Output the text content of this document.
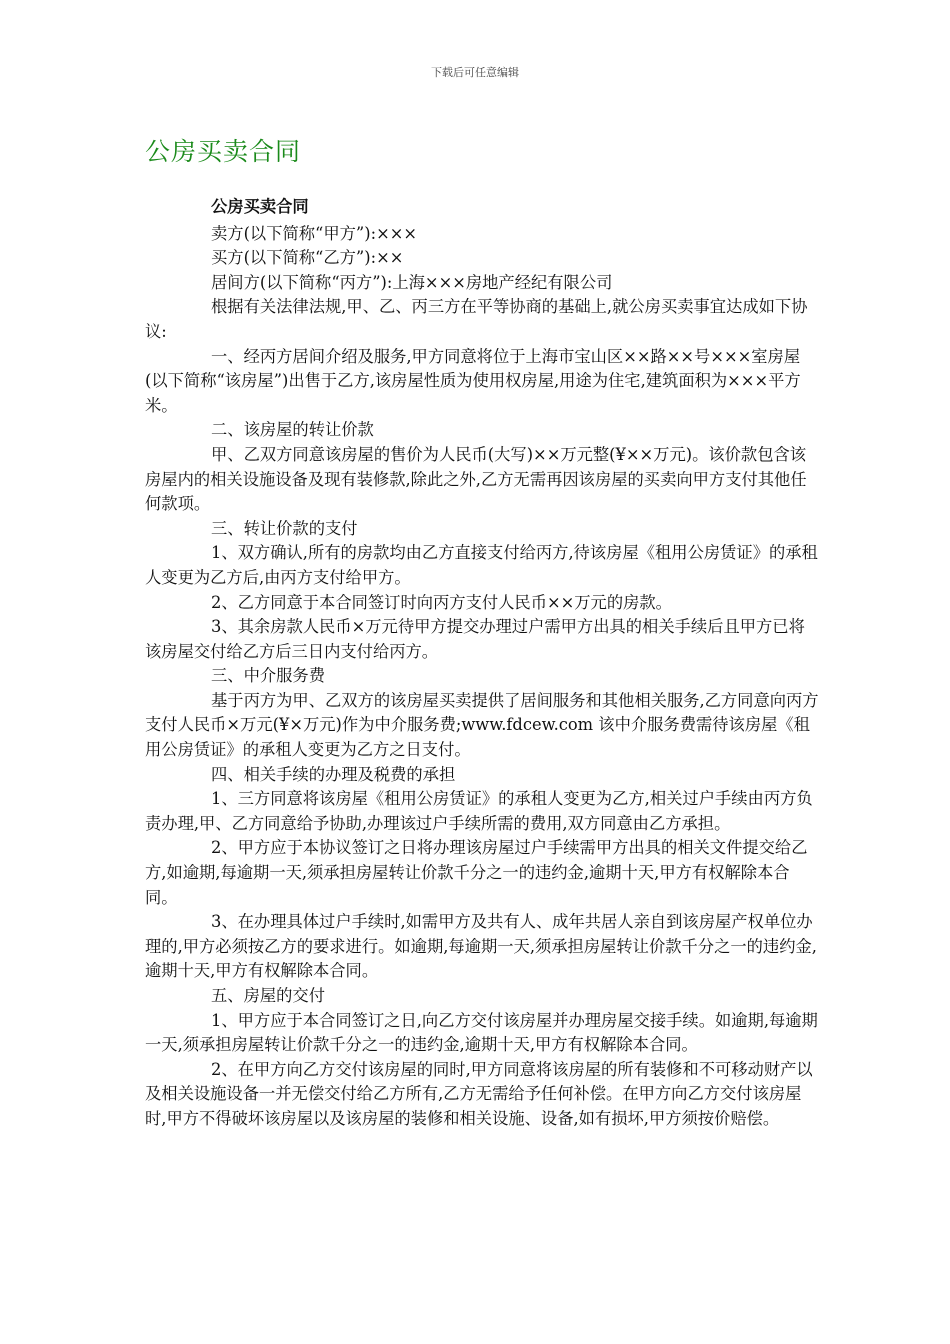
下载后可任意编辑
公房买卖合同
公房买卖合同

卖方(以下简称“甲方”):×××

买方(以下简称“乙方”):××

居间方(以下简称“丙方”):上海×××房地产经纪有限公司

根据有关法律法规,甲、乙、丙三方在平等协商的基础上,就公房买卖事宜达成如下协议:

一、经丙方居间介绍及服务,甲方同意将位于上海市宝山区××路××号×××室房屋(以下简称“该房屋”)出售于乙方,该房屋性质为使用权房屋,用途为住宅,建筑面积为×××平方米。

二、该房屋的转让价款

甲、乙双方同意该房屋的售价为人民币(大写)××万元整(¥××万元)。该价款包含该房屋内的相关设施设备及现有装修款,除此之外,乙方无需再因该房屋的买卖向甲方支付其他任何款项。

三、转让价款的支付

1、双方确认,所有的房款均由乙方直接支付给丙方,待该房屋《租用公房赁证》的承租人变更为乙方后,由丙方支付给甲方。

2、乙方同意于本合同签订时向丙方支付人民币××万元的房款。

3、其余房款人民币×万元待甲方提交办理过户需甲方出具的相关手续后且甲方已将该房屋交付给乙方后三日内支付给丙方。

三、中介服务费

基于丙方为甲、乙双方的该房屋买卖提供了居间服务和其他相关服务,乙方同意向丙方支付人民币×万元(¥×万元)作为中介服务费;www.fdcew.com 该中介服务费需待该房屋《租用公房赁证》的承租人变更为乙方之日支付。

四、相关手续的办理及税费的承担

1、三方同意将该房屋《租用公房赁证》的承租人变更为乙方,相关过户手续由丙方负责办理,甲、乙方同意给予协助,办理该过户手续所需的费用,双方同意由乙方承担。

2、甲方应于本协议签订之日将办理该房屋过户手续需甲方出具的相关文件提交给乙方,如逾期,每逾期一天,须承担房屋转让价款千分之一的违约金,逾期十天,甲方有权解除本合同。

3、在办理具体过户手续时,如需甲方及共有人、成年共居人亲自到该房屋产权单位办理的,甲方必须按乙方的要求进行。如逾期,每逾期一天,须承担房屋转让价款千分之一的违约金,逾期十天,甲方有权解除本合同。

五、房屋的交付

1、甲方应于本合同签订之日,向乙方交付该房屋并办理房屋交接手续。如逾期,每逾期一天,须承担房屋转让价款千分之一的违约金,逾期十天,甲方有权解除本合同。

2、在甲方向乙方交付该房屋的同时,甲方同意将该房屋的所有装修和不可移动财产以及相关设施设备一并无偿交付给乙方所有,乙方无需给予任何补偿。在甲方向乙方交付该房屋时,甲方不得破坏该房屋以及该房屋的装修和相关设施、设备,如有损坏,甲方须按价赔偿。
